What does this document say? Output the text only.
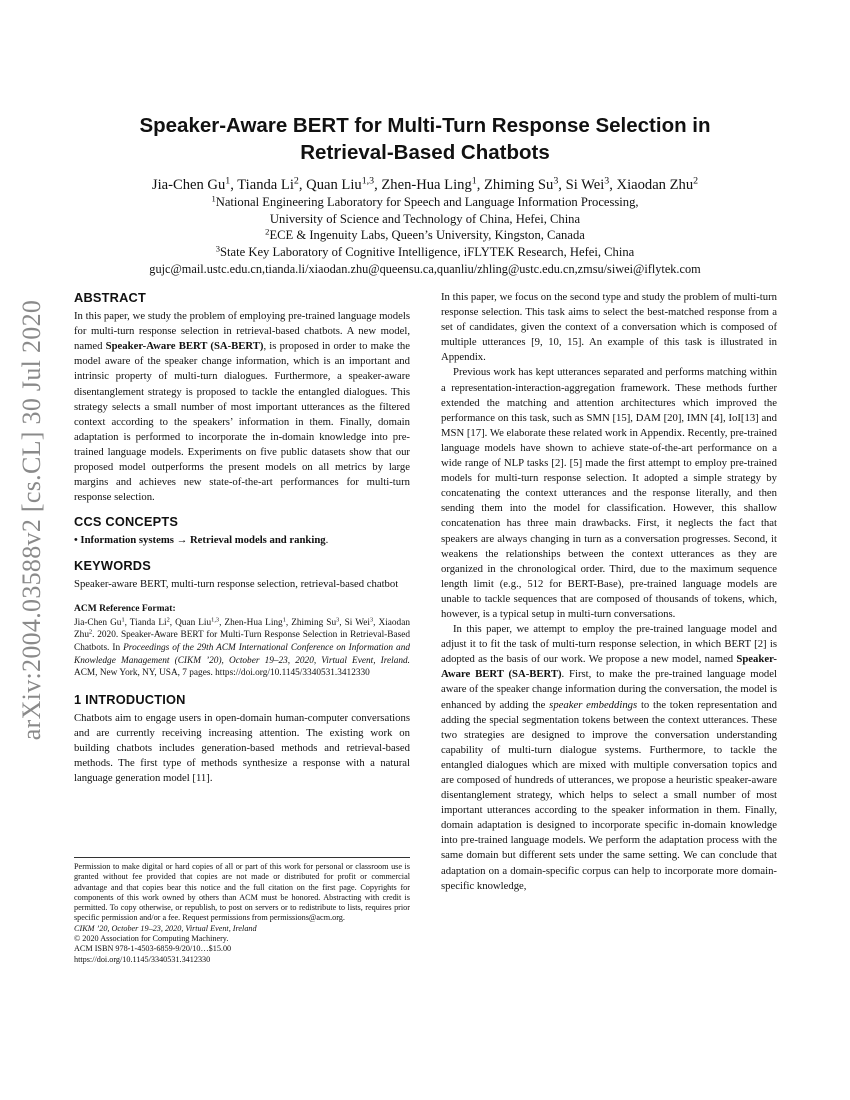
arXiv:2004.03588v2 [cs.CL] 30 Jul 2020
Speaker-Aware BERT for Multi-Turn Response Selection in
Retrieval-Based Chatbots
Jia-Chen Gu$^1$, Tianda Li$^2$, Quan Liu$^{1,3}$, Zhen-Hua Ling$^1$, Zhiming Su$^3$, Si Wei$^3$, Xiaodan Zhu$^2$
$^1$National Engineering Laboratory for Speech and Language Information Processing,
University of Science and Technology of China, Hefei, China
$^2$ECE & Ingenuity Labs, Queen’s University, Kingston, Canada
$^3$State Key Laboratory of Cognitive Intelligence, iFLYTEK Research, Hefei, China
gujc@mail.ustc.edu.cn,tianda.li/xiaodan.zhu@queensu.ca,quanliu/zhling@ustc.edu.cn,zmsu/siwei@iflytek.com
ABSTRACT

In this paper, we study the problem of employing pre-trained language models for multi-turn response selection in retrieval-based chatbots. A new model, named Speaker-Aware BERT (SA-BERT), is proposed in order to make the model aware of the speaker change information, which is an important and intrinsic property of multi-turn dialogues. Furthermore, a speaker-aware disentanglement strategy is proposed to tackle the entangled dialogues. This strategy selects a small number of most important utterances as the filtered context according to the speakers’ information in them. Finally, domain adaptation is performed to incorporate the in-domain knowledge into pre-trained language models. Experiments on five public datasets show that our proposed model outperforms the present models on all metrics by large margins and achieves new state-of-the-art performances for multi-turn response selection.

CCS CONCEPTS

• Information systems → Retrieval models and ranking.

KEYWORDS

Speaker-aware BERT, multi-turn response selection, retrieval-based chatbot

ACM Reference Format:

Jia-Chen Gu$^1$, Tianda Li$^2$, Quan Liu$^{1,3}$, Zhen-Hua Ling$^1$, Zhiming Su$^3$, Si Wei$^3$, Xiaodan Zhu$^2$. 2020. Speaker-Aware BERT for Multi-Turn Response Selection in Retrieval-Based Chatbots. In Proceedings of the 29th ACM International Conference on Information and Knowledge Management (CIKM ’20), October 19–23, 2020, Virtual Event, Ireland. ACM, New York, NY, USA, 7 pages. https://doi.org/10.1145/3340531.3412330

1 INTRODUCTION

Chatbots aim to engage users in open-domain human-computer conversations and are currently receiving increasing attention. The existing work on building chatbots includes generation-based methods and retrieval-based methods. The first type of methods synthesize a response with a natural language generation model [11].

Permission to make digital or hard copies of all or part of this work for personal or classroom use is granted without fee provided that copies are not made or distributed for profit or commercial advantage and that copies bear this notice and the full citation on the first page. Copyrights for components of this work owned by others than ACM must be honored. Abstracting with credit is permitted. To copy otherwise, or republish, to post on servers or to redistribute to lists, requires prior specific permission and/or a fee. Request permissions from permissions@acm.org.

CIKM ’20, October 19–23, 2020, Virtual Event, Ireland

© 2020 Association for Computing Machinery.

ACM ISBN 978-1-4503-6859-9/20/10…$15.00

https://doi.org/10.1145/3340531.3412330

In this paper, we focus on the second type and study the problem of multi-turn response selection. This task aims to select the best-matched response from a set of candidates, given the context of a conversation which is composed of multiple utterances [9, 10, 15]. An example of this task is illustrated in Appendix.

Previous work has kept utterances separated and performs matching within a representation-interaction-aggregation framework. These methods further extended the matching and attention architectures which improved the performance on this task, such as SMN [15], DAM [20], IMN [4], IoI[13] and MSN [17]. We elaborate these related work in Appendix. Recently, pre-trained language models have shown to achieve state-of-the-art performance on a wide range of NLP tasks [2]. [5] made the first attempt to employ pre-trained models for multi-turn response selection. It adopted a simple strategy by concatenating the context utterances and the response literally, and then sending them into the model for classification. However, this shallow concatenation has three main drawbacks. First, it neglects the fact that speakers are always changing in turn as a conversation progresses. Second, it weakens the relationships between the context utterances as they are organized in the chronological order. Third, due to the maximum sequence length limit (e.g., 512 for BERT-Base), pre-trained language models are unable to tackle sequences that are composed of thousands of tokens, which, however, is a typical setup in multi-turn conversations.

In this paper, we attempt to employ the pre-trained language model and adjust it to fit the task of multi-turn response selection, in which BERT [2] is adopted as the basis of our work. We propose a new model, named Speaker-Aware BERT (SA-BERT). First, to make the pre-trained language model aware of the speaker change information during the conversation, the model is enhanced by adding the speaker embeddings to the token representation and adding the special segmentation tokens between the context utterances. These two strategies are designed to improve the conversation understanding capability of multi-turn dialogue systems. Furthermore, to tackle the entangled dialogues which are mixed with multiple conversation topics and are composed of hundreds of utterances, we propose a heuristic speaker-aware disentanglement strategy, which helps to select a small number of most important utterances according to the speaker information in them. Finally, domain adaptation is designed to incorporate specific in-domain knowledge into pre-trained language models. We perform the adaptation process with the same domain but different sets under the same setting. We can conclude that adaptation on a domain-specific corpus can help to incorporate more domain-specific knowledge,
